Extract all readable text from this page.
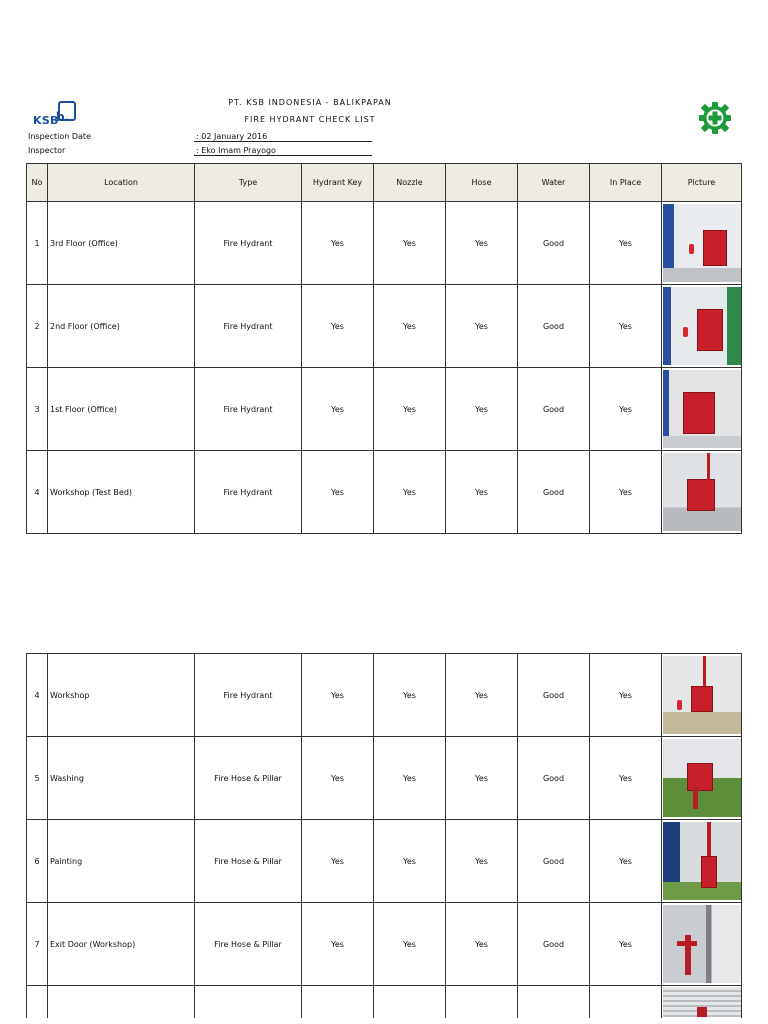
KSB
b.
PT. KSB INDONESIA - BALIKPAPAN
FIRE HYDRANT CHECK LIST
Inspection Date	: 02 January 2016
Inspector	: Eko Imam Prayogo
No	Location	Type	Hydrant Key	Nozzle	Hose	Water	In Place	Picture
1	3rd Floor (Office)	Fire Hydrant	Yes	Yes	Yes	Good	Yes	

2	2nd Floor (Office)	Fire Hydrant	Yes	Yes	Yes	Good	Yes	

3	1st Floor (Office)	Fire Hydrant	Yes	Yes	Yes	Good	Yes	

4	Workshop (Test Bed)	Fire Hydrant	Yes	Yes	Yes	Good	Yes	
4	Workshop	Fire Hydrant	Yes	Yes	Yes	Good	Yes	

5	Washing	Fire Hose & Pillar	Yes	Yes	Yes	Good	Yes	

6	Painting	Fire Hose & Pillar	Yes	Yes	Yes	Good	Yes	

7	Exit Door (Workshop)	Fire Hose & Pillar	Yes	Yes	Yes	Good	Yes	
